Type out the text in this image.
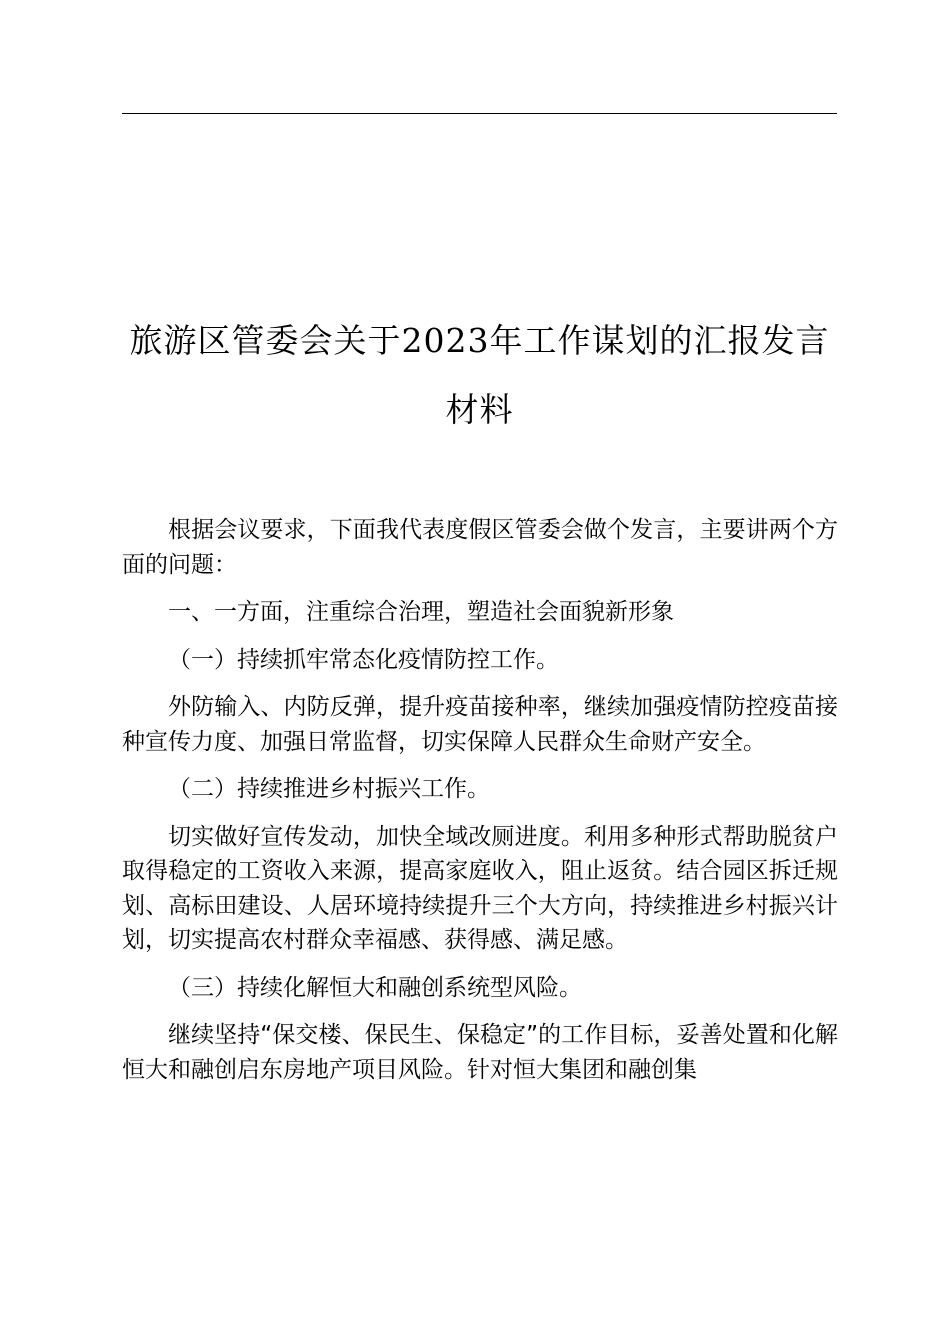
旅游区管委会关于2023年工作谋划的汇报发言材料

根据会议要求，下面我代表度假区管委会做个发言，主要讲两个方面的问题：

一、一方面，注重综合治理，塑造社会面貌新形象

（一）持续抓牢常态化疫情防控工作。

外防输入、内防反弹，提升疫苗接种率，继续加强疫情防控疫苗接种宣传力度、加强日常监督，切实保障人民群众生命财产安全。

（二）持续推进乡村振兴工作。

切实做好宣传发动，加快全域改厕进度。利用多种形式帮助脱贫户取得稳定的工资收入来源，提高家庭收入，阻止返贫。结合园区拆迁规划、高标田建设、人居环境持续提升三个大方向，持续推进乡村振兴计划，切实提高农村群众幸福感、获得感、满足感。

（三）持续化解恒大和融创系统型风险。

继续坚持“保交楼、保民生、保稳定”的工作目标，妥善处置和化解恒大和融创启东房地产项目风险。针对恒大集团和融创集
